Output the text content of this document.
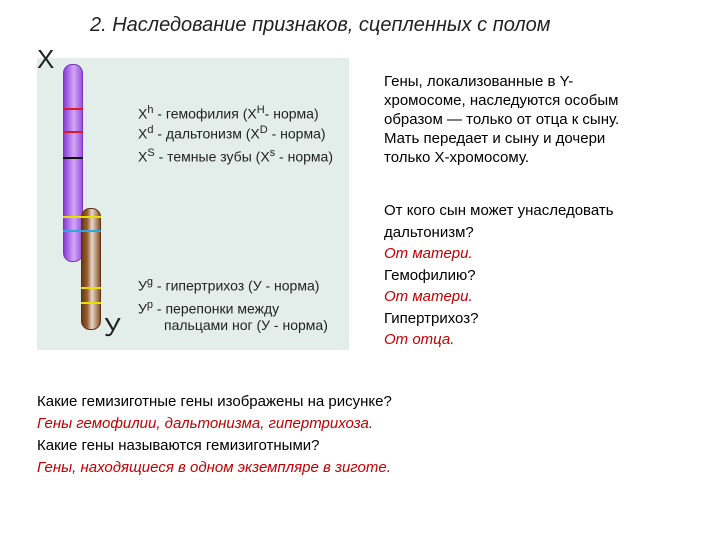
2. Наследование признаков, сцепленных с полом
Х
У
$X^h$ - гемофилия ($X^H-$ норма)
$X^d$ - дальтонизм ($X^D$ - норма)
$X^S$ - темные зубы ($X^s$ - норма)
$У^g$ - гипертрихоз (У - норма)
$У^p$ - перепонки между
пальцами ног (У - норма)
Гены, локализованные в Y-
хромосоме, наследуются особым
образом — только от отца к сыну.
Мать передает и сыну и дочери
только Х-хромосому.
От кого сын может унаследовать
дальтонизм?
От матери.
Гемофилию?
От матери.
Гипертрихоз?
От отца.
Какие гемизиготные гены изображены на рисунке?
Гены гемофилии, дальтонизма, гипертрихоза.
Какие гены называются гемизиготными?
Гены, находящиеся в одном экземпляре в зиготе.
